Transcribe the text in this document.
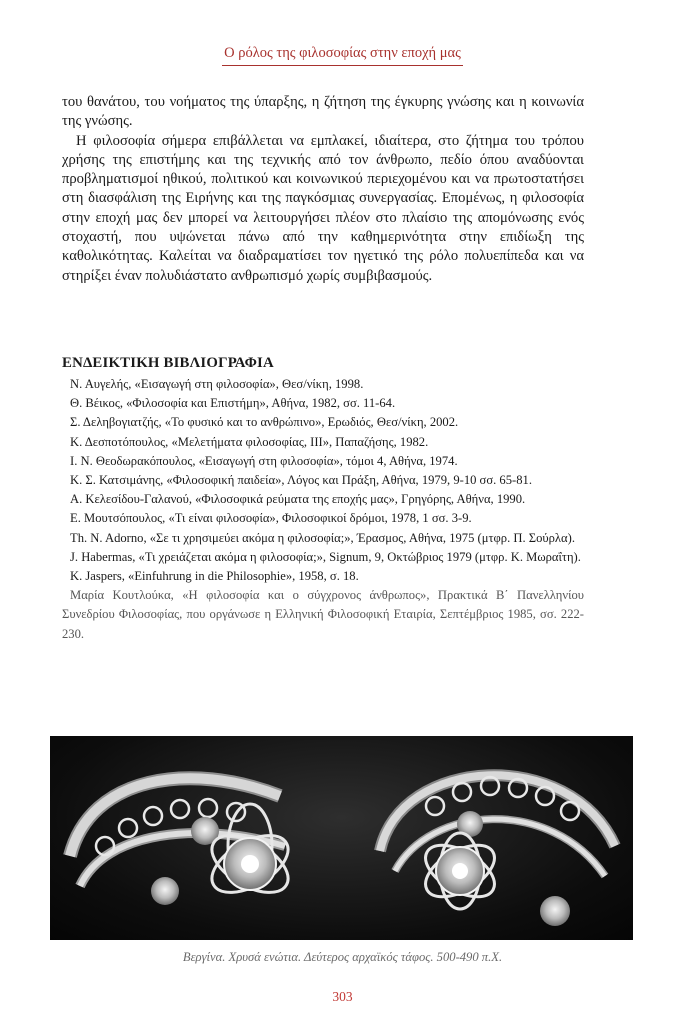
Ο ρόλος της φιλοσοφίας στην εποχή μας

του θανάτου, του νοήματος της ύπαρξης, η ζήτηση της έγκυρης γνώσης και η κοινωνία της γνώσης.

Η φιλοσοφία σήμερα επιβάλλεται να εμπλακεί, ιδιαίτερα, στο ζήτημα του τρόπου χρήσης της επιστήμης και της τεχνικής από τον άνθρωπο, πεδίο όπου αναδύονται προβληματισμοί ηθικού, πολιτικού και κοινωνικού περιεχομένου και να πρωτοστατήσει στη διασφάλιση της Ειρήνης και της παγκόσμιας συνεργασίας. Επομένως, η φιλοσοφία στην εποχή μας δεν μπορεί να λειτουργήσει πλέον στο πλαίσιο της απομόνωσης ενός στοχαστή, που υψώνεται πάνω από την καθημερινότητα στην επιδίωξη της καθολικότητας. Καλείται να διαδραματίσει τον ηγετικό της ρόλο πολυεπίπεδα και να στηρίξει έναν πολυδιάστατο ανθρωπισμό χωρίς συμβιβασμούς.

ΕΝΔΕΙΚΤΙΚΗ ΒΙΒΛΙΟΓΡΑΦΙΑ
Ν. Αυγελής, «Εισαγωγή στη φιλοσοφία», Θεσ/νίκη, 1998.
Θ. Βέικος, «Φιλοσοφία και Επιστήμη», Αθήνα, 1982, σσ. 11-64.
Σ. Δεληβογιατζής, «Το φυσικό και το ανθρώπινο», Ερωδιός, Θεσ/νίκη, 2002.
Κ. Δεσποτόπουλος, «Μελετήματα φιλοσοφίας, ΙΙΙ», Παπαζήσης, 1982.
Ι. Ν. Θεοδωρακόπουλος, «Εισαγωγή στη φιλοσοφία», τόμοι 4, Αθήνα, 1974.
Κ. Σ. Κατσιμάνης, «Φιλοσοφική παιδεία», Λόγος και Πράξη, Αθήνα, 1979, 9-10 σσ. 65-81.
Α. Κελεσίδου-Γαλανού, «Φιλοσοφικά ρεύματα της εποχής μας», Γρηγόρης, Αθήνα, 1990.
Ε. Μουτσόπουλος, «Τι είναι φιλοσοφία», Φιλοσοφικοί δρόμοι, 1978, 1 σσ. 3-9.
Th. N. Adorno, «Σε τι χρησιμεύει ακόμα η φιλοσοφία;», Έρασμος, Αθήνα, 1975 (μτφρ. Π. Σούρλα).
J. Habermas, «Τι χρειάζεται ακόμα η φιλοσοφία;», Signum, 9, Οκτώβριος 1979 (μτφρ. Κ. Μωραΐτη).
K. Jaspers, «Einfuhrung in die Philosophie», 1958, σ. 18.
Μαρία Κουτλούκα, «Η φιλοσοφία και ο σύγχρονος άνθρωπος», Πρακτικά Β΄ Πανελληνίου Συνεδρίου Φιλοσοφίας, που οργάνωσε η Ελληνική Φιλοσοφική Εταιρία, Σεπτέμβριος 1985, σσ. 222-230.
Βεργίνα. Χρυσά ενώτια. Δεύτερος αρχαϊκός τάφος. 500-490 π.Χ.
303
